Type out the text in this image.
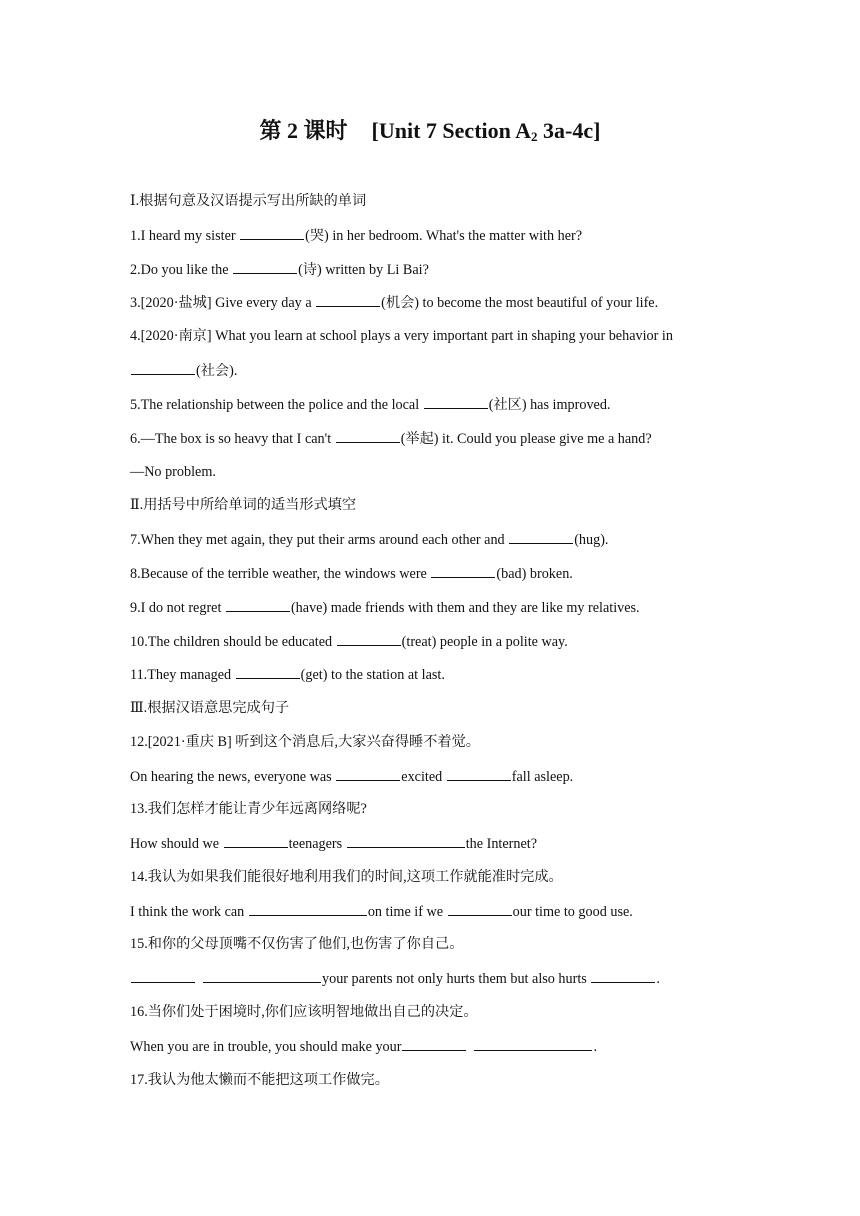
第 2 课时 [Unit 7 Section $A_2$ 3a-4c]
Ⅰ.根据句意及汉语提示写出所缺的单词
1.I heard my sister	(哭) in her bedroom. What's the matter with her?
2.Do you like the	(诗) written by Li Bai?
3.[2020·盐城] Give every day a	(机会) to become the most beautiful of your life.
4.[2020·南京] What you learn at school plays a very important part in shaping your behavior in
(社会).
5.The relationship between the police and the local	(社区) has improved.
6.—The box is so heavy that I can't	(举起) it. Could you please give me a hand?
—No problem.
Ⅱ.用括号中所给单词的适当形式填空
7.When they met again, they put their arms around each other and	(hug).
8.Because of the terrible weather, the windows were	(bad) broken.
9.I do not regret	(have) made friends with them and they are like my relatives.
10.The children should be educated	(treat) people in a polite way.
11.They managed	(get) to the station at last.
Ⅲ.根据汉语意思完成句子
12.[2021·重庆 B] 听到这个消息后,大家兴奋得睡不着觉。
On hearing the news, everyone was	excited	fall asleep.
13.我们怎样才能让青少年远离网络呢?
How should we	teenagers	the Internet?
14.我认为如果我们能很好地利用我们的时间,这项工作就能准时完成。
I think the work can	on time if we	our time to good use.
15.和你的父母顶嘴不仅伤害了他们,也伤害了你自己。
your parents not only hurts them but also hurts	.
16.当你们处于困境时,你们应该明智地做出自己的决定。
When you are in trouble, you should make your	.
17.我认为他太懒而不能把这项工作做完。
